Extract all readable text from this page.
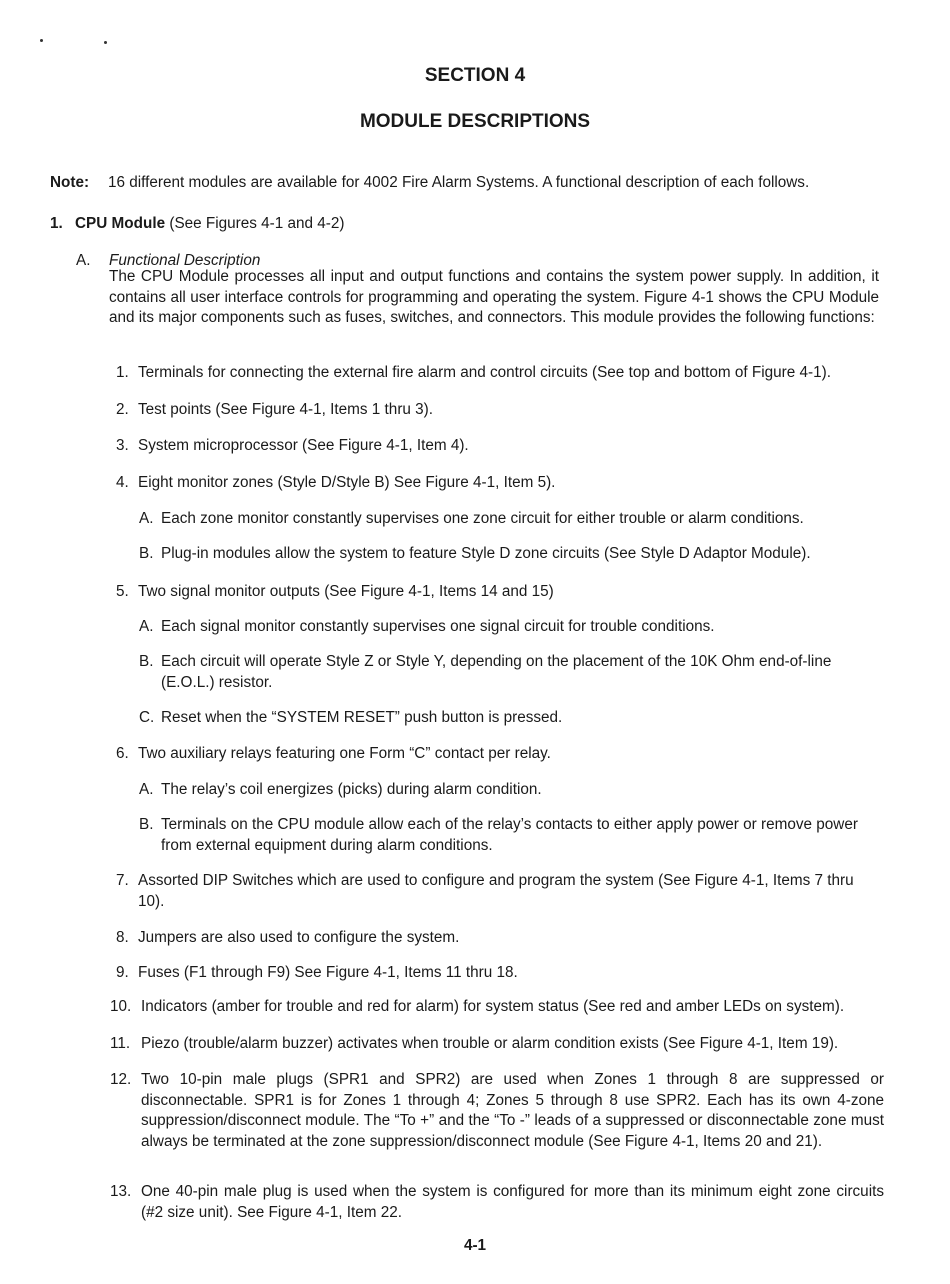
SECTION 4
MODULE DESCRIPTIONS
Note: 16 different modules are available for 4002 Fire Alarm Systems. A functional description of each follows.
1. CPU Module (See Figures 4-1 and 4-2)
A. Functional Description
The CPU Module processes all input and output functions and contains the system power supply. In addition, it contains all user interface controls for programming and operating the system. Figure 4-1 shows the CPU Module and its major components such as fuses, switches, and connectors. This module provides the following functions:
1. Terminals for connecting the external fire alarm and control circuits (See top and bottom of Figure 4-1).
2. Test points (See Figure 4-1, Items 1 thru 3).
3. System microprocessor (See Figure 4-1, Item 4).
4. Eight monitor zones (Style D/Style B) See Figure 4-1, Item 5).
A. Each zone monitor constantly supervises one zone circuit for either trouble or alarm conditions.
B. Plug-in modules allow the system to feature Style D zone circuits (See Style D Adaptor Module).
5. Two signal monitor outputs (See Figure 4-1, Items 14 and 15)
A. Each signal monitor constantly supervises one signal circuit for trouble conditions.
B. Each circuit will operate Style Z or Style Y, depending on the placement of the 10K Ohm end-of-line (E.O.L.) resistor.
C. Reset when the “SYSTEM RESET” push button is pressed.
6. Two auxiliary relays featuring one Form “C” contact per relay.
A. The relay’s coil energizes (picks) during alarm condition.
B. Terminals on the CPU module allow each of the relay’s contacts to either apply power or remove power from external equipment during alarm conditions.
7. Assorted DIP Switches which are used to configure and program the system (See Figure 4-1, Items 7 thru 10).
8. Jumpers are also used to configure the system.
9. Fuses (F1 through F9) See Figure 4-1, Items 11 thru 18.
10. Indicators (amber for trouble and red for alarm) for system status (See red and amber LEDs on system).
11. Piezo (trouble/alarm buzzer) activates when trouble or alarm condition exists (See Figure 4-1, Item 19).
12. Two 10-pin male plugs (SPR1 and SPR2) are used when Zones 1 through 8 are suppressed or disconnectable. SPR1 is for Zones 1 through 4; Zones 5 through 8 use SPR2. Each has its own 4-zone suppression/disconnect module. The “To +” and the “To -” leads of a suppressed or disconnectable zone must always be terminated at the zone suppression/disconnect module (See Figure 4-1, Items 20 and 21).
13. One 40-pin male plug is used when the system is configured for more than its minimum eight zone circuits (#2 size unit). See Figure 4-1, Item 22.
4-1
